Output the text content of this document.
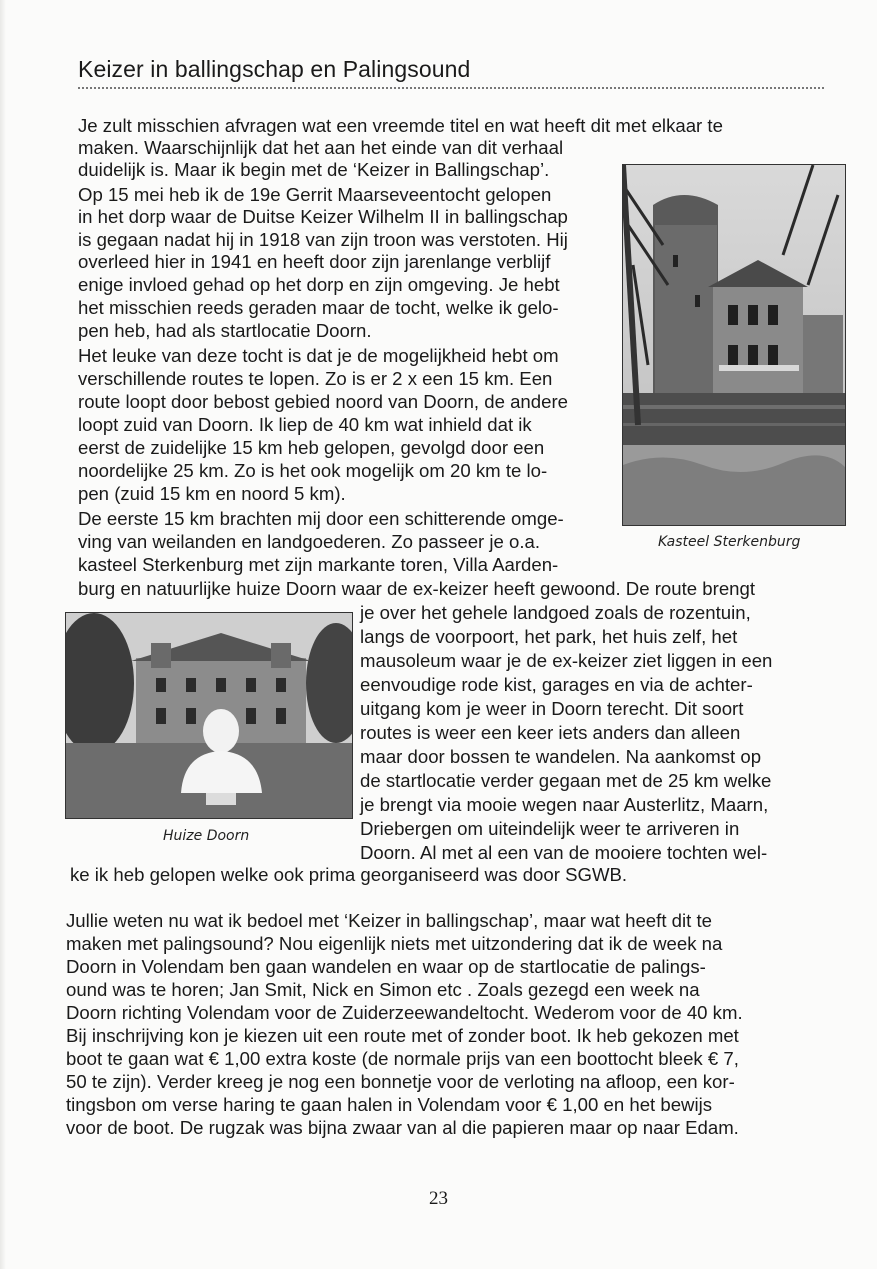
Keizer in ballingschap en Palingsound
Kasteel Sterkenburg
Huize Doorn
Je zult misschien afvragen wat een vreemde titel en wat heeft dit met elkaar te
maken. Waarschijnlijk dat het aan het einde van dit verhaal
duidelijk is. Maar ik begin met de ‘Keizer in Ballingschap’.
Op 15 mei heb ik de 19e Gerrit Maarseveentocht gelopen
in het dorp waar de Duitse Keizer Wilhelm II in ballingschap
is gegaan nadat hij in 1918 van zijn troon was verstoten. Hij
overleed hier in 1941 en heeft door zijn jarenlange verblijf
enige invloed gehad op het dorp en zijn omgeving. Je hebt
het misschien reeds geraden maar de tocht, welke ik gelo-
pen heb, had als startlocatie Doorn.
Het leuke van deze tocht is dat je de mogelijkheid hebt om
verschillende routes te lopen. Zo is er 2 x een 15 km. Een
route loopt door bebost gebied noord van Doorn, de andere
loopt zuid van Doorn. Ik liep de 40 km wat inhield dat ik
eerst de zuidelijke 15 km heb gelopen, gevolgd door een
noordelijke 25 km. Zo is het ook mogelijk om 20 km te lo-
pen (zuid 15 km en noord 5 km).
De eerste 15 km brachten mij door een schitterende omge-
ving van weilanden en landgoederen. Zo passeer je o.a.
kasteel Sterkenburg met zijn markante toren, Villa Aarden-
burg en natuurlijke huize Doorn waar de ex-keizer heeft gewoond. De route brengt
je over het gehele landgoed zoals de rozentuin,
langs de voorpoort, het park, het huis zelf, het
mausoleum waar je de ex-keizer ziet liggen in een
eenvoudige rode kist, garages en via de achter-
uitgang kom je weer in Doorn terecht. Dit soort
routes is weer een keer iets anders dan alleen
maar door bossen te wandelen. Na aankomst op
de startlocatie verder gegaan met de 25 km welke
je brengt via mooie wegen naar Austerlitz, Maarn,
Driebergen om uiteindelijk weer te arriveren in
Doorn. Al met al een van de mooiere tochten wel-
ke ik heb gelopen welke ook prima georganiseerd was door SGWB.
Jullie weten nu wat ik bedoel met ‘Keizer in ballingschap’, maar wat heeft dit te
maken met palingsound? Nou eigenlijk niets met uitzondering dat ik de week na
Doorn in Volendam ben gaan wandelen en waar op de startlocatie de palings-
ound was te horen; Jan Smit, Nick en Simon etc . Zoals gezegd een week na
Doorn richting Volendam voor de Zuiderzeewandeltocht. Wederom voor de 40 km.
Bij inschrijving kon je kiezen uit een route met of zonder boot. Ik heb gekozen met
boot te gaan wat € 1,00 extra koste (de normale prijs van een boottocht bleek € 7,
50 te zijn). Verder kreeg je nog een bonnetje voor de verloting na afloop, een kor-
tingsbon om verse haring te gaan halen in Volendam voor € 1,00 en het bewijs
voor de boot. De rugzak was bijna zwaar van al die papieren maar op naar Edam.
23
